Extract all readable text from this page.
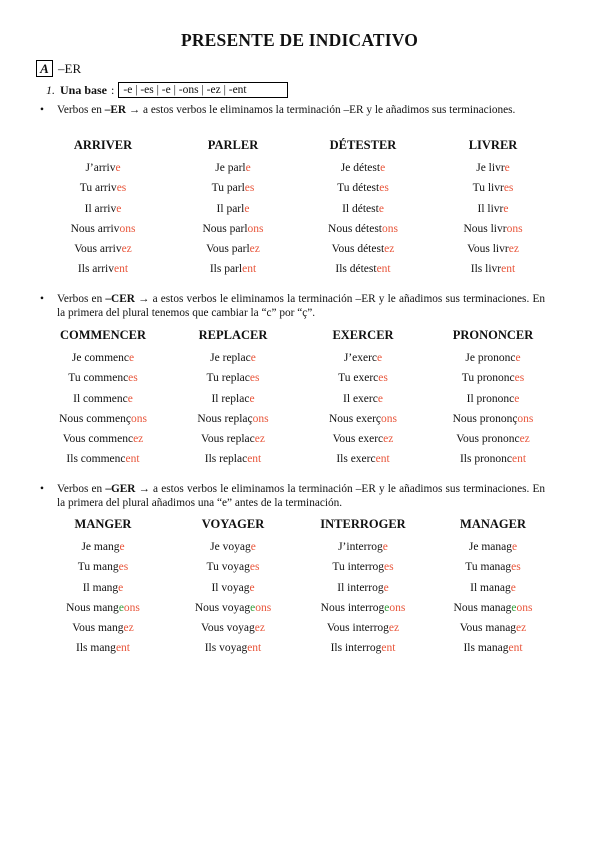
PRESENTE DE INDICATIVO
A –ER
1. Una base : -e | -es | -e | -ons | -ez | -ent
• Verbos en –ER → a estos verbos le eliminamos la terminación –ER y le añadimos sus terminaciones.
ARRIVER
J’arrive
Tu arrives
Il arrive
Nous arrivons
Vous arrivez
Ils arrivent
PARLER
Je parle
Tu parles
Il parle
Nous parlons
Vous parlez
Ils parlent
DÉTESTER
Je déteste
Tu détestes
Il déteste
Nous détestons
Vous détestez
Ils détestent
LIVRER
Je livre
Tu livres
Il livre
Nous livrons
Vous livrez
Ils livrent
• Verbos en –CER → a estos verbos le eliminamos la terminación –ER y le añadimos sus terminaciones. En la primera del plural tenemos que cambiar la “c” por “ç”.
COMMENCER
Je commence
Tu commences
Il commence
Nous commençons
Vous commencez
Ils commencent
REPLACER
Je replace
Tu replaces
Il replace
Nous replaçons
Vous replacez
Ils replacent
EXERCER
J’exerce
Tu exerces
Il exerce
Nous exerçons
Vous exercez
Ils exercent
PRONONCER
Je prononce
Tu prononces
Il prononce
Nous prononçons
Vous prononcez
Ils prononcent
• Verbos en –GER → a estos verbos le eliminamos la terminación –ER y le añadimos sus terminaciones. En la primera del plural añadimos una “e” antes de la terminación.
MANGER
Je mange
Tu manges
Il mange
Nous mangeons
Vous mangez
Ils mangent
VOYAGER
Je voyage
Tu voyages
Il voyage
Nous voyageons
Vous voyagez
Ils voyagent
INTERROGER
J’interroge
Tu interroges
Il interroge
Nous interrogeons
Vous interrogez
Ils interrogent
MANAGER
Je manage
Tu manages
Il manage
Nous manageons
Vous managez
Ils managent
